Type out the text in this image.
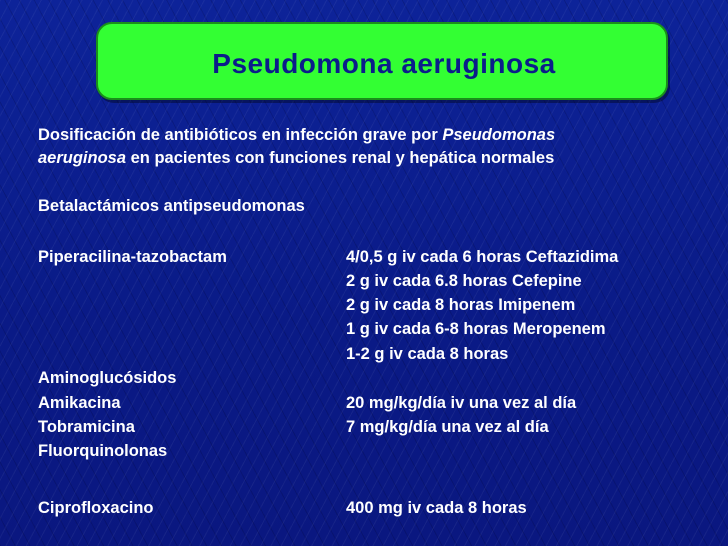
Pseudomona aeruginosa
Dosificación de antibióticos en infección grave por Pseudomonas
aeruginosa en pacientes con funciones renal y hepática normales
Betalactámicos antipseudomonas
Piperacilina-tazobactam	4/0,5 g iv cada 6 horas Ceftazidima
2 g iv cada 6.8 horas Cefepine
2 g iv cada 8 horas Imipenem
1 g iv cada 6-8 horas Meropenem
1-2 g iv cada 8 horas
Aminoglucósidos
Amikacina	20 mg/kg/día iv una vez al día
Tobramicina	7 mg/kg/día una vez al día
Fluorquinolonas
Ciprofloxacino	400 mg iv cada 8 horas
